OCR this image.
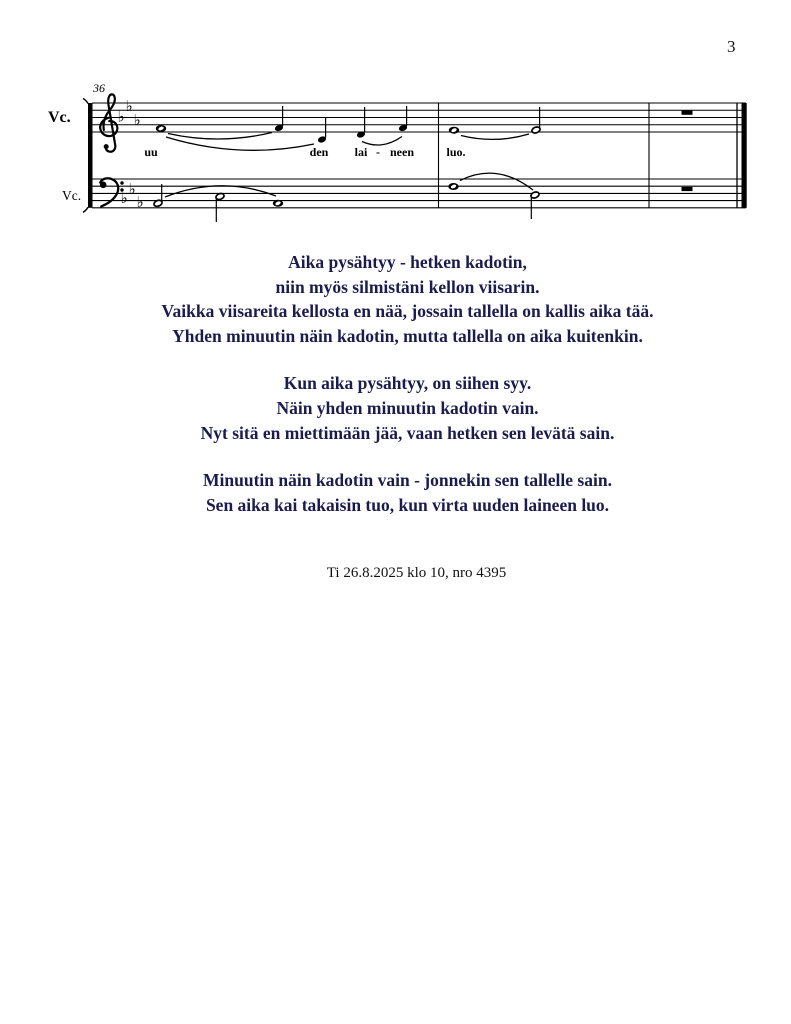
3
♭
♭
♭
♭ ♭
♭
36
Vc.
Vc.
uu	den lai - neen	luo.

Aika pysähtyy - hetken kadotin,
niin myös silmistäni kellon viisarin.
Vaikka viisareita kellosta en nää, jossain tallella on kallis aika tää.
Yhden minuutin näin kadotin, mutta tallella on aika kuitenkin.

Kun aika pysähtyy, on siihen syy.
Näin yhden minuutin kadotin vain.
Nyt sitä en miettimään jää, vaan hetken sen levätä sain.

Minuutin näin kadotin vain - jonnekin sen tallelle sain.
Sen aika kai takaisin tuo, kun virta uuden laineen luo.

Ti 26.8.2025 klo 10, nro 4395
